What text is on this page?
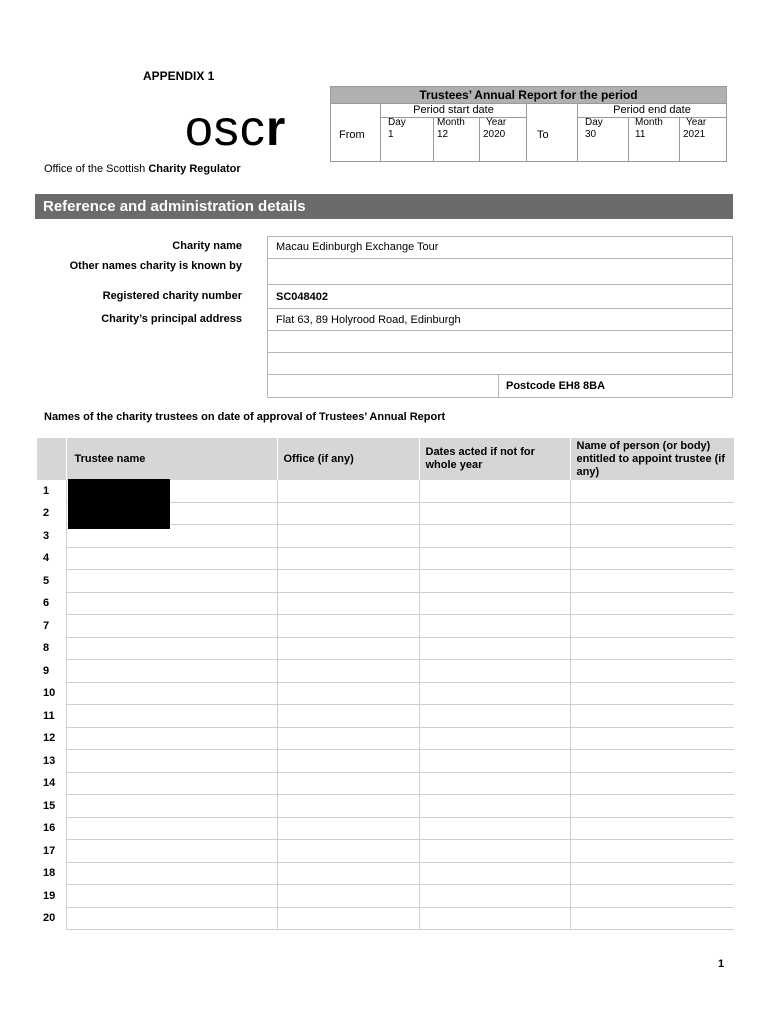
APPENDIX 1
oscr
Office of the Scottish Charity Regulator
Trustees’ Annual Report for the period
Period start date	Period end date
From	To
Day	Month Year
1	12	2020
Day	Month Year
30	11	2021
Reference and administration details
Charity name	Macau Edinburgh Exchange Tour
Other names charity is known by
Registered charity number	SC048402
Charity’s principal address	Flat 63, 89 Holyrood Road, Edinburgh
Postcode EH8 8BA
Names of the charity trustees on date of approval of Trustees’ Annual Report
	Trustee name	Office (if any)	Dates acted if not for whole year	Name of person (or body) entitled to appoint trustee (if any)
1				
2				
3				
4				
5				
6				
7				
8				
9				
10				
11				
12				
13				
14				
15				
16				
17				
18				
19				
20				
1
